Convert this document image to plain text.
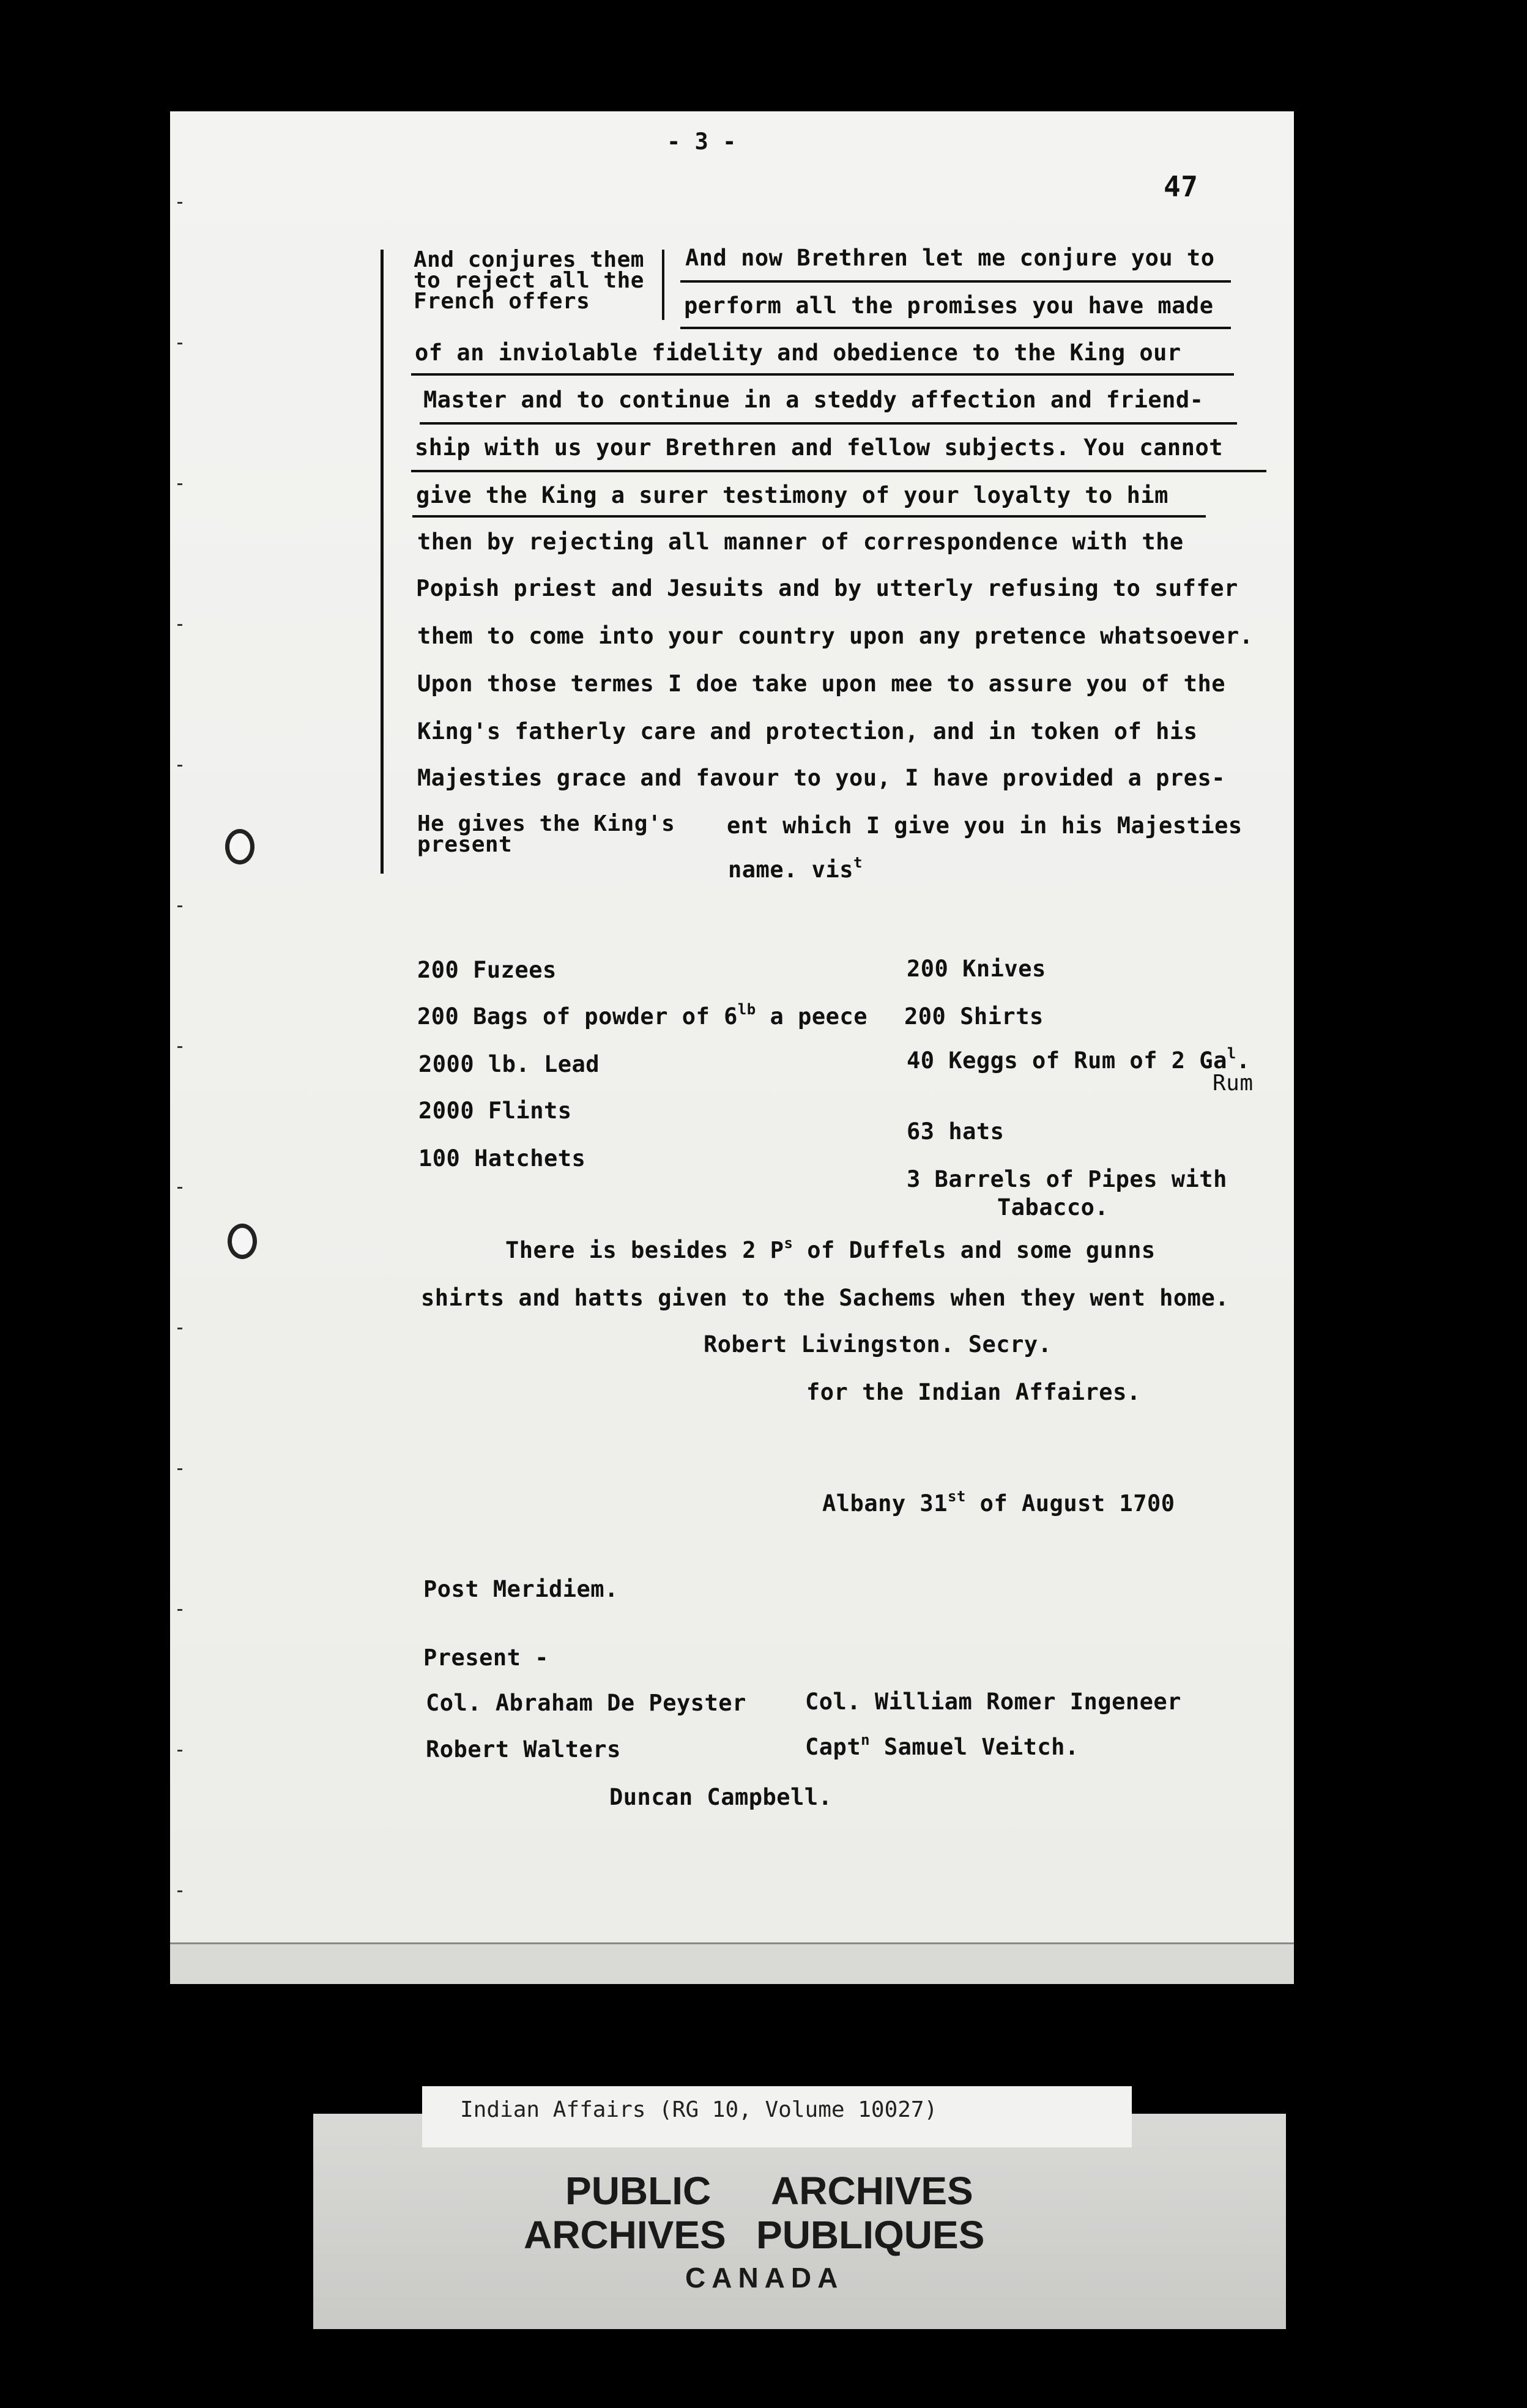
- 3 -
47
And conjures them
to reject all the
French offers
And now Brethren let me conjure you to
perform all the promises you have made
of an inviolable fidelity and obedience to the King our
Master and to continue in a steddy affection and friend-
ship with us your Brethren and fellow subjects. You cannot
give the King a surer testimony of your loyalty to him
then by rejecting all manner of correspondence with the
Popish priest and Jesuits and by utterly refusing to suffer
them to come into your country upon any pretence whatsoever.
Upon those termes I doe take upon mee to assure you of the
King's fatherly care and protection, and in token of his
Majesties grace and favour to you, I have provided a pres-
He gives the King's
present
ent which I give you in his Majesties
name. vis$^t$
200 Fuzees
200 Bags of powder of $6^{lb}$ a peece
2000 lb. Lead
2000 Flints
100 Hatchets
200 Knives
200 Shirts
40 Keggs of Rum of 2 Ga$^l$.
Rum
63 hats
3 Barrels of Pipes with
Tabacco.
There is besides 2 $P^s$ of Duffels and some gunns
shirts and hatts given to the Sachems when they went home.
Robert Livingston. Secry.
for the Indian Affaires.
Albany 31st of August 1700
Post Meridiem.
Present -
Col. Abraham De Peyster	Col. William Romer Ingeneer
Robert Walters	Capt$^n$ Samuel Veitch.
Duncan Campbell.
Indian Affairs (RG 10, Volume 10027)
PUBLIC ARCHIVES
ARCHIVES PUBLIQUES
CANADA
